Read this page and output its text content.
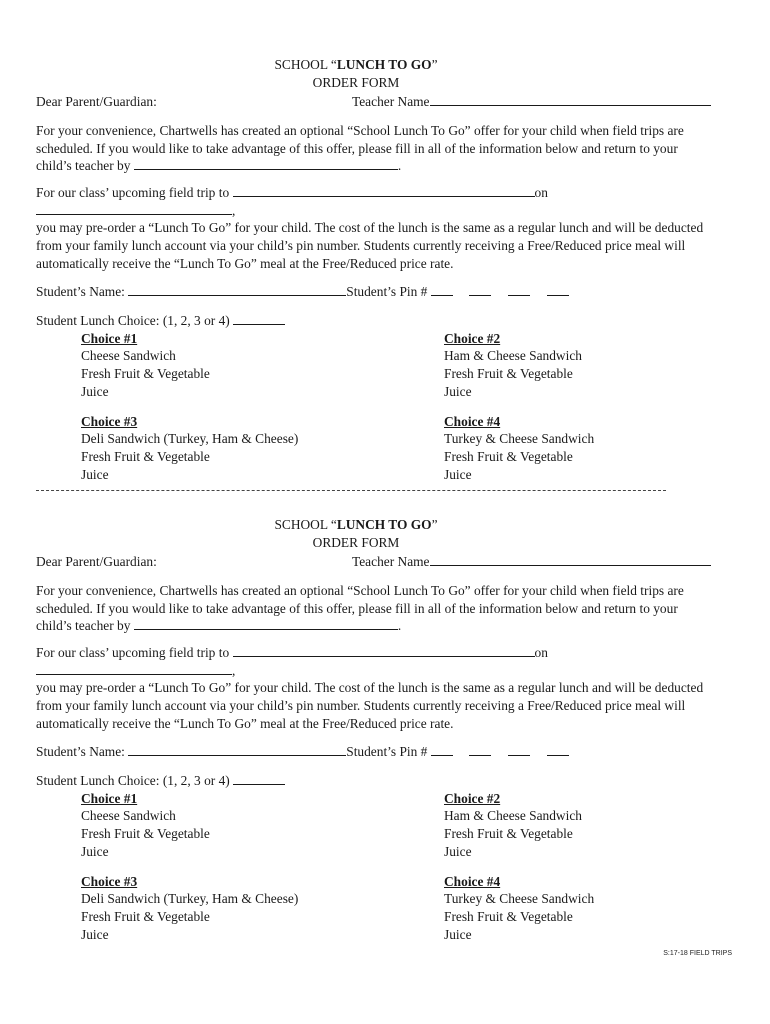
SCHOOL “LUNCH TO GO”
ORDER FORM
Dear Parent/Guardian:	Teacher Name
For your convenience, Chartwells has created an optional “School Lunch To Go” offer for your child when field trips are
scheduled. If you would like to take advantage of this offer, please fill in all of the information below and return to your
child’s teacher by	.
For our class’ upcoming field trip to	on
,
you may pre-order a “Lunch To Go” for your child. The cost of the lunch is the same as a regular lunch and will be deducted
from your family lunch account via your child’s pin number. Students currently receiving a Free/Reduced price meal will
automatically receive the “Lunch To Go” meal at the Free/Reduced price rate.
Student’s Name:	Student’s Pin #
Student Lunch Choice: (1, 2, 3 or 4)
Choice #1
Cheese Sandwich
Fresh Fruit & Vegetable
Juice
Choice #2
Ham & Cheese Sandwich
Fresh Fruit & Vegetable
Juice
Choice #3
Deli Sandwich (Turkey, Ham & Cheese)
Fresh Fruit & Vegetable
Juice
Choice #4
Turkey & Cheese Sandwich
Fresh Fruit & Vegetable
Juice
SCHOOL “LUNCH TO GO”
ORDER FORM
Dear Parent/Guardian:	Teacher Name
For your convenience, Chartwells has created an optional “School Lunch To Go” offer for your child when field trips are
scheduled. If you would like to take advantage of this offer, please fill in all of the information below and return to your
child’s teacher by	.
For our class’ upcoming field trip to	on
,
you may pre-order a “Lunch To Go” for your child. The cost of the lunch is the same as a regular lunch and will be deducted
from your family lunch account via your child’s pin number. Students currently receiving a Free/Reduced price meal will
automatically receive the “Lunch To Go” meal at the Free/Reduced price rate.
Student’s Name:	Student’s Pin #
Student Lunch Choice: (1, 2, 3 or 4)
Choice #1
Cheese Sandwich
Fresh Fruit & Vegetable
Juice
Choice #2
Ham & Cheese Sandwich
Fresh Fruit & Vegetable
Juice
Choice #3
Deli Sandwich (Turkey, Ham & Cheese)
Fresh Fruit & Vegetable
Juice
Choice #4
Turkey & Cheese Sandwich
Fresh Fruit & Vegetable
Juice
S:17-18 FIELD TRIPS
